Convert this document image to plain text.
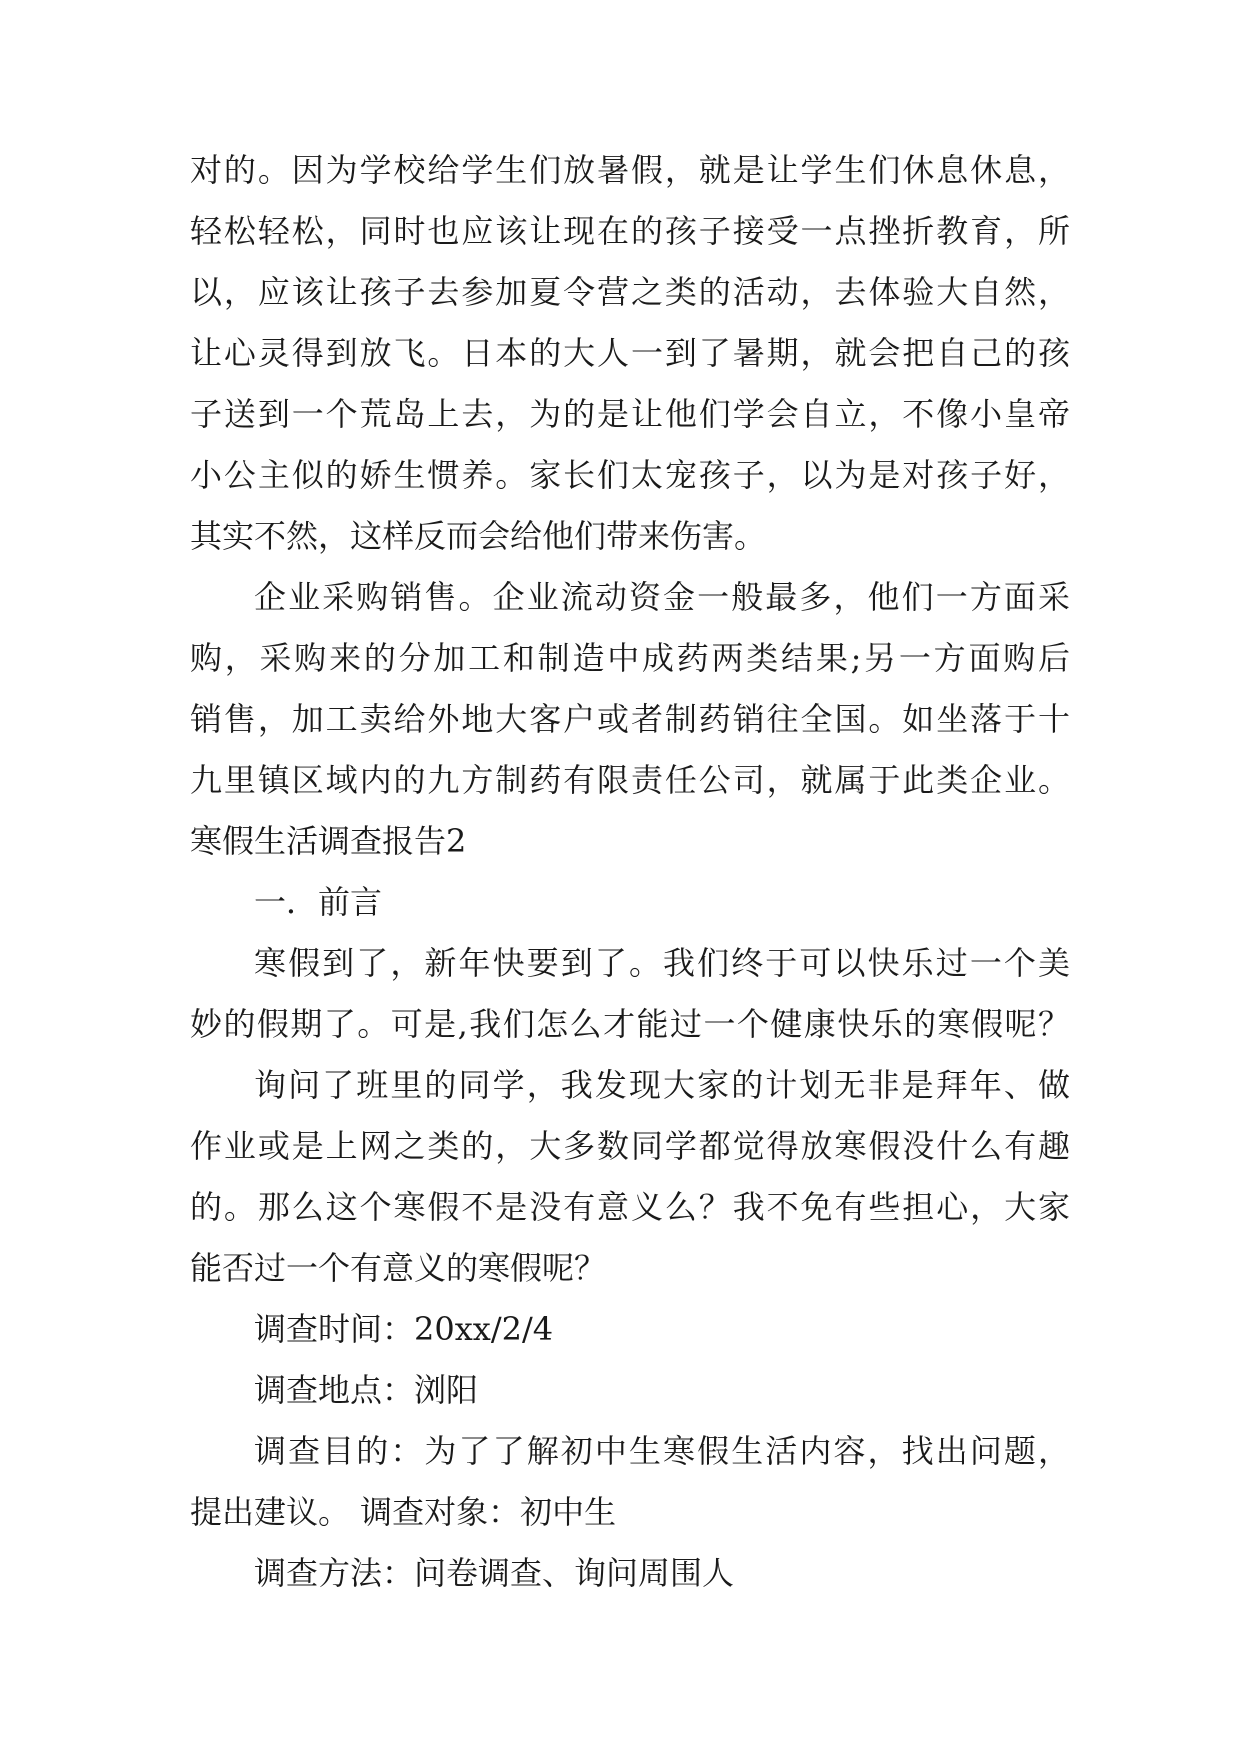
对的。因为学校给学生们放暑假，就是让学生们休息休息，
轻松轻松，同时也应该让现在的孩子接受一点挫折教育，所
以，应该让孩子去参加夏令营之类的活动，去体验大自然，
让心灵得到放飞。日本的大人一到了暑期，就会把自己的孩
子送到一个荒岛上去，为的是让他们学会自立，不像小皇帝
小公主似的娇生惯养。家长们太宠孩子，以为是对孩子好，
其实不然，这样反而会给他们带来伤害。
企业采购销售。企业流动资金一般最多，他们一方面采
购，采购来的分加工和制造中成药两类结果;另一方面购后
销售，加工卖给外地大客户或者制药销往全国。如坐落于十
九里镇区域内的九方制药有限责任公司，就属于此类企业。
寒假生活调查报告2
一．前言
寒假到了，新年快要到了。我们终于可以快乐过一个美
妙的假期了。可是,我们怎么才能过一个健康快乐的寒假呢？
询问了班里的同学，我发现大家的计划无非是拜年、做
作业或是上网之类的，大多数同学都觉得放寒假没什么有趣
的。那么这个寒假不是没有意义么？我不免有些担心，大家
能否过一个有意义的寒假呢？
调查时间：20xx/2/4
调查地点：浏阳
调查目的：为了了解初中生寒假生活内容，找出问题，
提出建议。 调查对象：初中生
调查方法：问卷调查、询问周围人
